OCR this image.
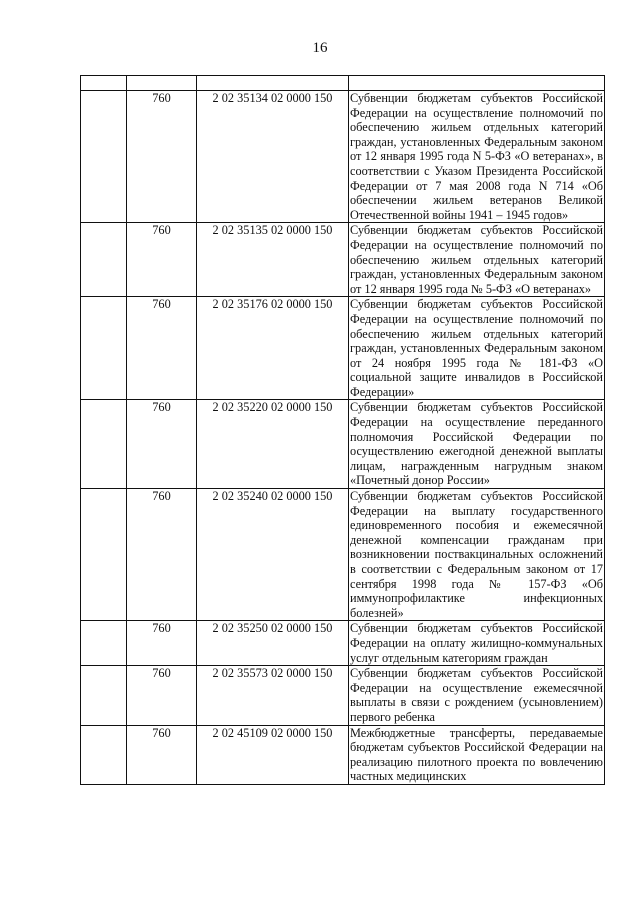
16

	760	2 02 35134 02 0000 150	Субвенции бюджетам субъектов Российской Федерации на осуществление полномочий по обеспечению жильем отдельных категорий граждан, установленных Федеральным законом от 12 января 1995 года N 5-ФЗ «О ветеранах», в соответствии с Указом Президента Российской Федерации от 7 мая 2008 года N 714 «Об обеспечении жильем ветеранов Великой Отечественной войны 1941 – 1945 годов»
	760	2 02 35135 02 0000 150	Субвенции бюджетам субъектов Российской Федерации на осуществление полномочий по обеспечению жильем отдельных категорий граждан, установленных Федеральным законом от 12 января 1995 года № 5-ФЗ «О ветеранах»
	760	2 02 35176 02 0000 150	Субвенции бюджетам субъектов Российской Федерации на осуществление полномочий по обеспечению жильем отдельных категорий граждан, установленных Федеральным законом от 24 ноября 1995 года № 181-ФЗ «О социальной защите инвалидов в Российской Федерации»
	760	2 02 35220 02 0000 150	Субвенции бюджетам субъектов Российской Федерации на осуществление переданного полномочия Российской Федерации по осуществлению ежегодной денежной выплаты лицам, награжденным нагрудным знаком «Почетный донор России»
	760	2 02 35240 02 0000 150	Субвенции бюджетам субъектов Российской Федерации на выплату государственного единовременного пособия и ежемесячной денежной компенсации гражданам при возникновении поствакцинальных осложнений в соответствии с Федеральным законом от 17 сентября 1998 года № 157-ФЗ «Об иммунопрофилактике инфекционных болезней»
	760	2 02 35250 02 0000 150	Субвенции бюджетам субъектов Российской Федерации на оплату жилищно-коммунальных услуг отдельным категориям граждан
	760	2 02 35573 02 0000 150	Субвенции бюджетам субъектов Российской Федерации на осуществление ежемесячной выплаты в связи с рождением (усыновлением) первого ребенка
	760	2 02 45109 02 0000 150	Межбюджетные трансферты, передаваемые бюджетам субъектов Российской Федерации на реализацию пилотного проекта по вовлечению частных медицинских
